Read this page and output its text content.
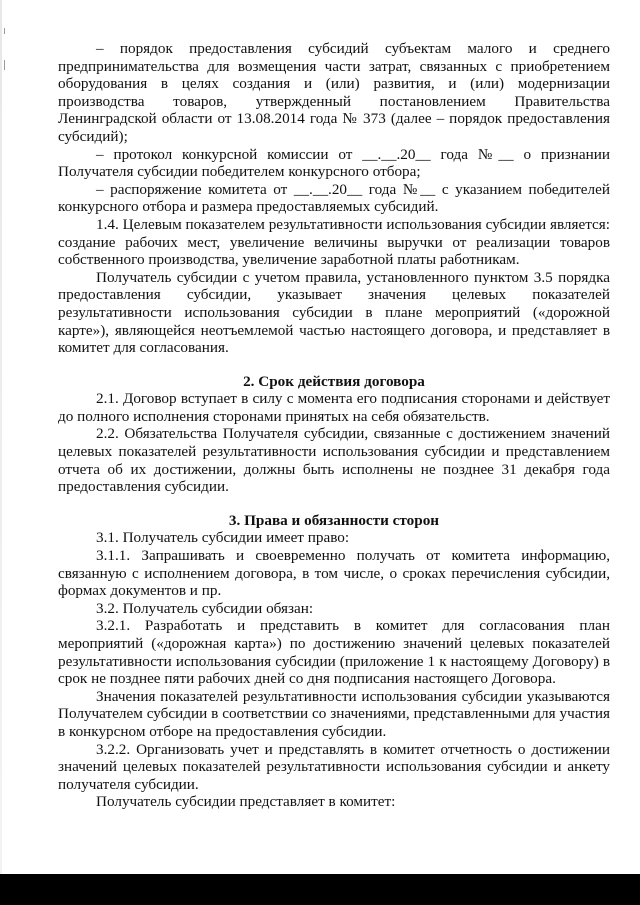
– порядок предоставления субсидий субъектам малого и среднего предпринимательства для возмещения части затрат, связанных с приобретением оборудования в целях создания и (или) развития, и (или) модернизации производства товаров, утвержденный постановлением Правительства Ленинградской области от 13.08.2014 года № 373 (далее – порядок предоставления субсидий);

– протокол конкурсной комиссии от __.__.20__ года №__ о признании Получателя субсидии победителем конкурсного отбора;

– распоряжение комитета от __.__.20__ года №__ с указанием победителей конкурсного отбора и размера предоставляемых субсидий.

1.4. Целевым показателем результативности использования субсидии является: создание рабочих мест, увеличение величины выручки от реализации товаров собственного производства, увеличение заработной платы работникам.

Получатель субсидии с учетом правила, установленного пунктом 3.5 порядка предоставления субсидии, указывает значения целевых показателей результативности использования субсидии в плане мероприятий («дорожной карте»), являющейся неотъемлемой частью настоящего договора, и представляет в комитет для согласования.

2. Срок действия договора

2.1. Договор вступает в силу с момента его подписания сторонами и действует до полного исполнения сторонами принятых на себя обязательств.

2.2. Обязательства Получателя субсидии, связанные с достижением значений целевых показателей результативности использования субсидии и представлением отчета об их достижении, должны быть исполнены не позднее 31 декабря года предоставления субсидии.

3. Права и обязанности сторон

3.1. Получатель субсидии имеет право:

3.1.1. Запрашивать и своевременно получать от комитета информацию, связанную с исполнением договора, в том числе, о сроках перечисления субсидии, формах документов и пр.

3.2. Получатель субсидии обязан:

3.2.1. Разработать и представить в комитет для согласования план мероприятий («дорожная карта») по достижению значений целевых показателей результативности использования субсидии (приложение 1 к настоящему Договору) в срок не позднее пяти рабочих дней со дня подписания настоящего Договора.

Значения показателей результативности использования субсидии указываются Получателем субсидии в соответствии со значениями, представленными для участия в конкурсном отборе на предоставления субсидии.

3.2.2. Организовать учет и представлять в комитет отчетность о достижении значений целевых показателей результативности использования субсидии и анкету получателя субсидии.

Получатель субсидии представляет в комитет:
